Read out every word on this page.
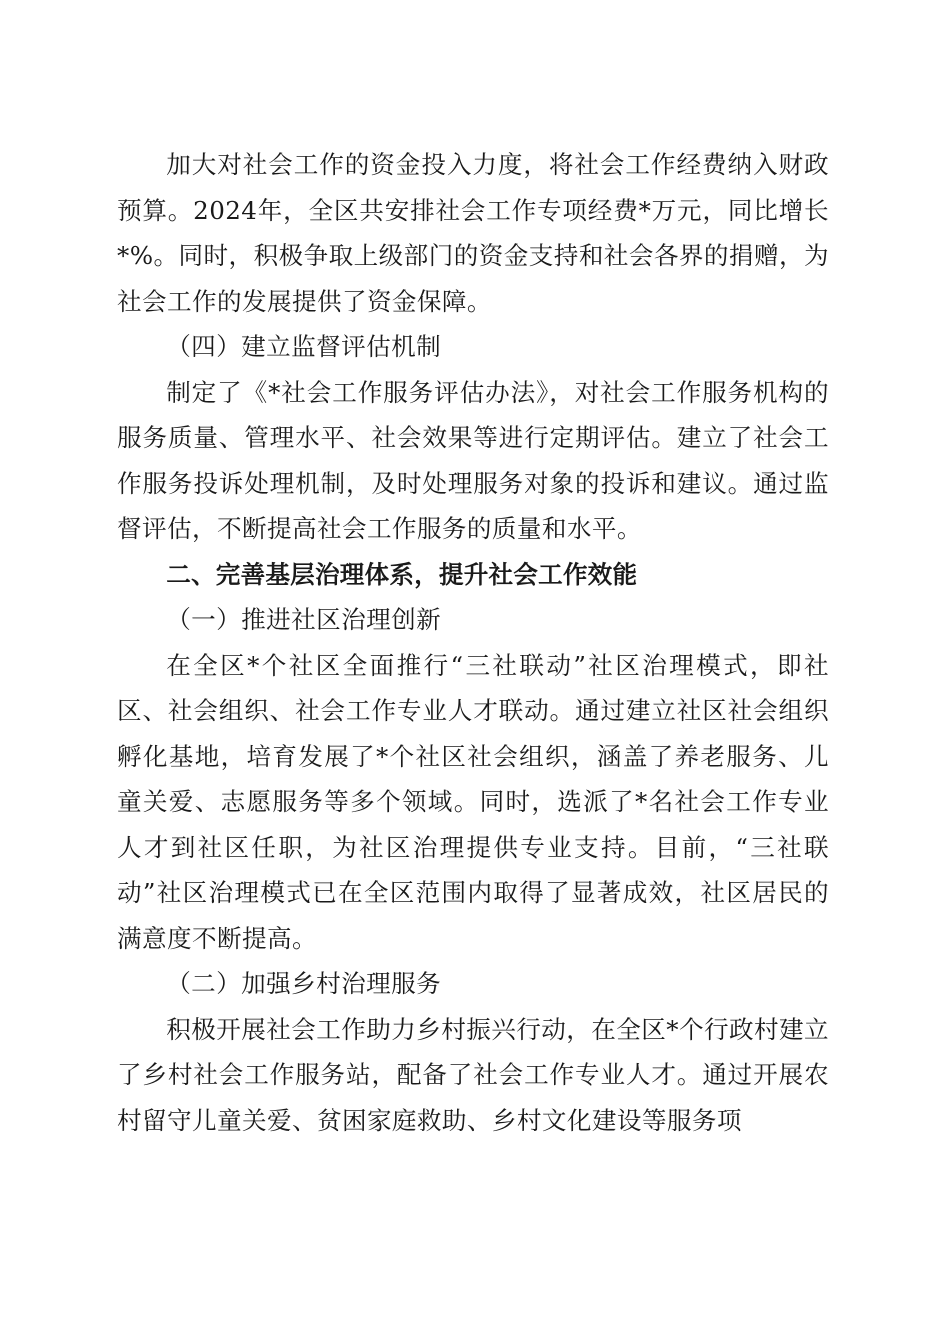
加大对社会工作的资金投入力度，将社会工作经费纳入财政预算。2024年，全区共安排社会工作专项经费*万元，同比增长*%。同时，积极争取上级部门的资金支持和社会各界的捐赠，为社会工作的发展提供了资金保障。

（四）建立监督评估机制

制定了《*社会工作服务评估办法》，对社会工作服务机构的服务质量、管理水平、社会效果等进行定期评估。建立了社会工作服务投诉处理机制，及时处理服务对象的投诉和建议。通过监督评估，不断提高社会工作服务的质量和水平。

二、完善基层治理体系，提升社会工作效能

（一）推进社区治理创新

在全区*个社区全面推行“三社联动”社区治理模式，即社区、社会组织、社会工作专业人才联动。通过建立社区社会组织孵化基地，培育发展了*个社区社会组织，涵盖了养老服务、儿童关爱、志愿服务等多个领域。同时，选派了*名社会工作专业人才到社区任职，为社区治理提供专业支持。目前，“三社联动”社区治理模式已在全区范围内取得了显著成效，社区居民的满意度不断提高。

（二）加强乡村治理服务

积极开展社会工作助力乡村振兴行动，在全区*个行政村建立了乡村社会工作服务站，配备了社会工作专业人才。通过开展农村留守儿童关爱、贫困家庭救助、乡村文化建设等服务项
